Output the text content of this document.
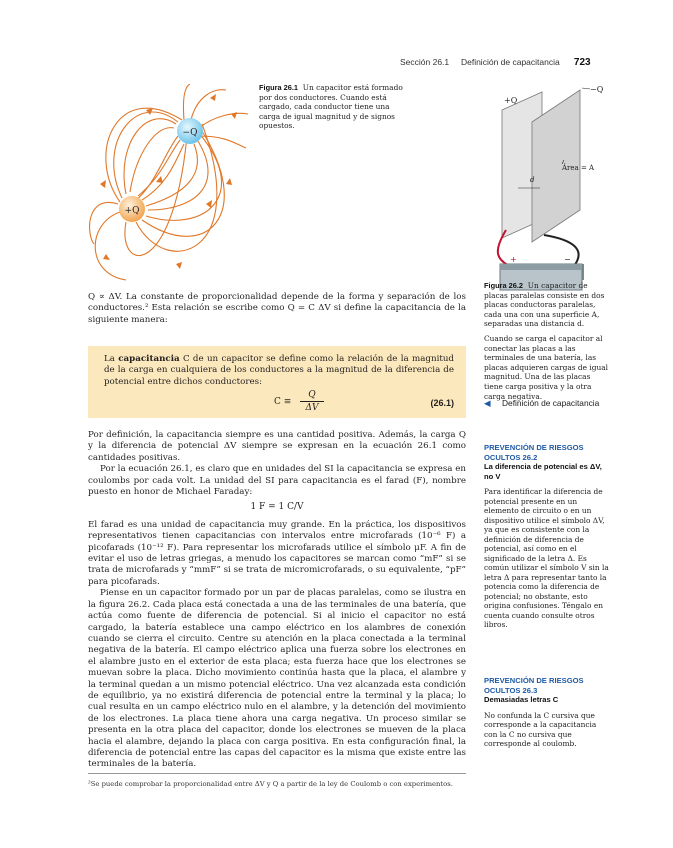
Sección 26.1 Definición de capacitancia 723
−Q
+Q
Figura 26.1 Un capacitor está formado por dos conductores. Cuando está cargado, cada conductor tiene una carga de igual magnitud y de signos opuestos.
+Q
−Q
Área = A
d
+	−
Figura 26.2 Un capacitor de placas paralelas consiste en dos placas conductoras paralelas, cada una con una superficie A, separadas una distancia d.
Cuando se carga el capacitor al conectar las placas a las terminales de una batería, las placas adquieren cargas de igual magnitud. Una de las placas tiene carga positiva y la otra carga negativa.
◀ Definición de capacitancia
Q ∝ ΔV. La constante de proporcionalidad depende de la forma y separación de los conductores.² Esta relación se escribe como Q = C ΔV si define la capacitancia de la siguiente manera:
La capacitancia C de un capacitor se define como la relación de la magnitud de la carga en cualquiera de los conductores a la magnitud de la diferencia de potencial entre dichos conductores:
C ≡
Q
ΔV	(26.1)

Por definición, la capacitancia siempre es una cantidad positiva. Además, la carga Q y la diferencia de potencial ΔV siempre se expresan en la ecuación 26.1 como cantidades positivas.

Por la ecuación 26.1, es claro que en unidades del SI la capacitancia se expresa en coulombs por cada volt. La unidad del SI para capacitancia es el farad (F), nombre puesto en honor de Michael Faraday:

1 F = 1 C/V

El farad es una unidad de capacitancia muy grande. En la práctica, los dispositivos representativos tienen capacitancias con intervalos entre microfarads (10⁻⁶ F) a picofarads (10⁻¹² F). Para representar los microfarads utilice el símbolo μF. A fin de evitar el uso de letras griegas, a menudo los capacitores se marcan como “mF” si se trata de microfarads y “mmF” si se trata de micromicrofarads, o su equivalente, “pF” para picofarads.

Piense en un capacitor formado por un par de placas paralelas, como se ilustra en la figura 26.2. Cada placa está conectada a una de las terminales de una batería, que actúa como fuente de diferencia de potencial. Si al inicio el capacitor no está cargado, la batería establece una campo eléctrico en los alambres de conexión cuando se cierra el circuito. Centre su atención en la placa conectada a la terminal negativa de la batería. El campo eléctrico aplica una fuerza sobre los electrones en el alambre justo en el exterior de esta placa; esta fuerza hace que los electrones se muevan sobre la placa. Dicho movimiento continúa hasta que la placa, el alambre y la terminal quedan a un mismo potencial eléctrico. Una vez alcanzada esta condición de equilibrio, ya no existirá diferencia de potencial entre la terminal y la placa; lo cual resulta en un campo eléctrico nulo en el alambre, y la detención del movimiento de los electrones. La placa tiene ahora una carga negativa. Un proceso similar se presenta en la otra placa del capacitor, donde los electrones se mueven de la placa hacia el alambre, dejando la placa con carga positiva. En esta configuración final, la diferencia de potencial entre las capas del capacitor es la misma que existe entre las terminales de la batería.

²Se puede comprobar la proporcionalidad entre ΔV y Q a partir de la ley de Coulomb o con experimentos.
PREVENCIÓN DE RIESGOS OCULTOS 26.2
La diferencia de potencial es ΔV, no V
Para identificar la diferencia de potencial presente en un elemento de circuito o en un dispositivo utilice el símbolo ΔV, ya que es consistente con la definición de diferencia de potencial, así como en el significado de la letra Δ. Es común utilizar el símbolo V sin la letra Δ para representar tanto la potencia como la diferencia de potencial; no obstante, esto origina confusiones. Téngalo en cuenta cuando consulte otros libros.
PREVENCIÓN DE RIESGOS OCULTOS 26.3
Demasiadas letras C
No confunda la C cursiva que corresponde a la capacitancia con la C no cursiva que corresponde al coulomb.
